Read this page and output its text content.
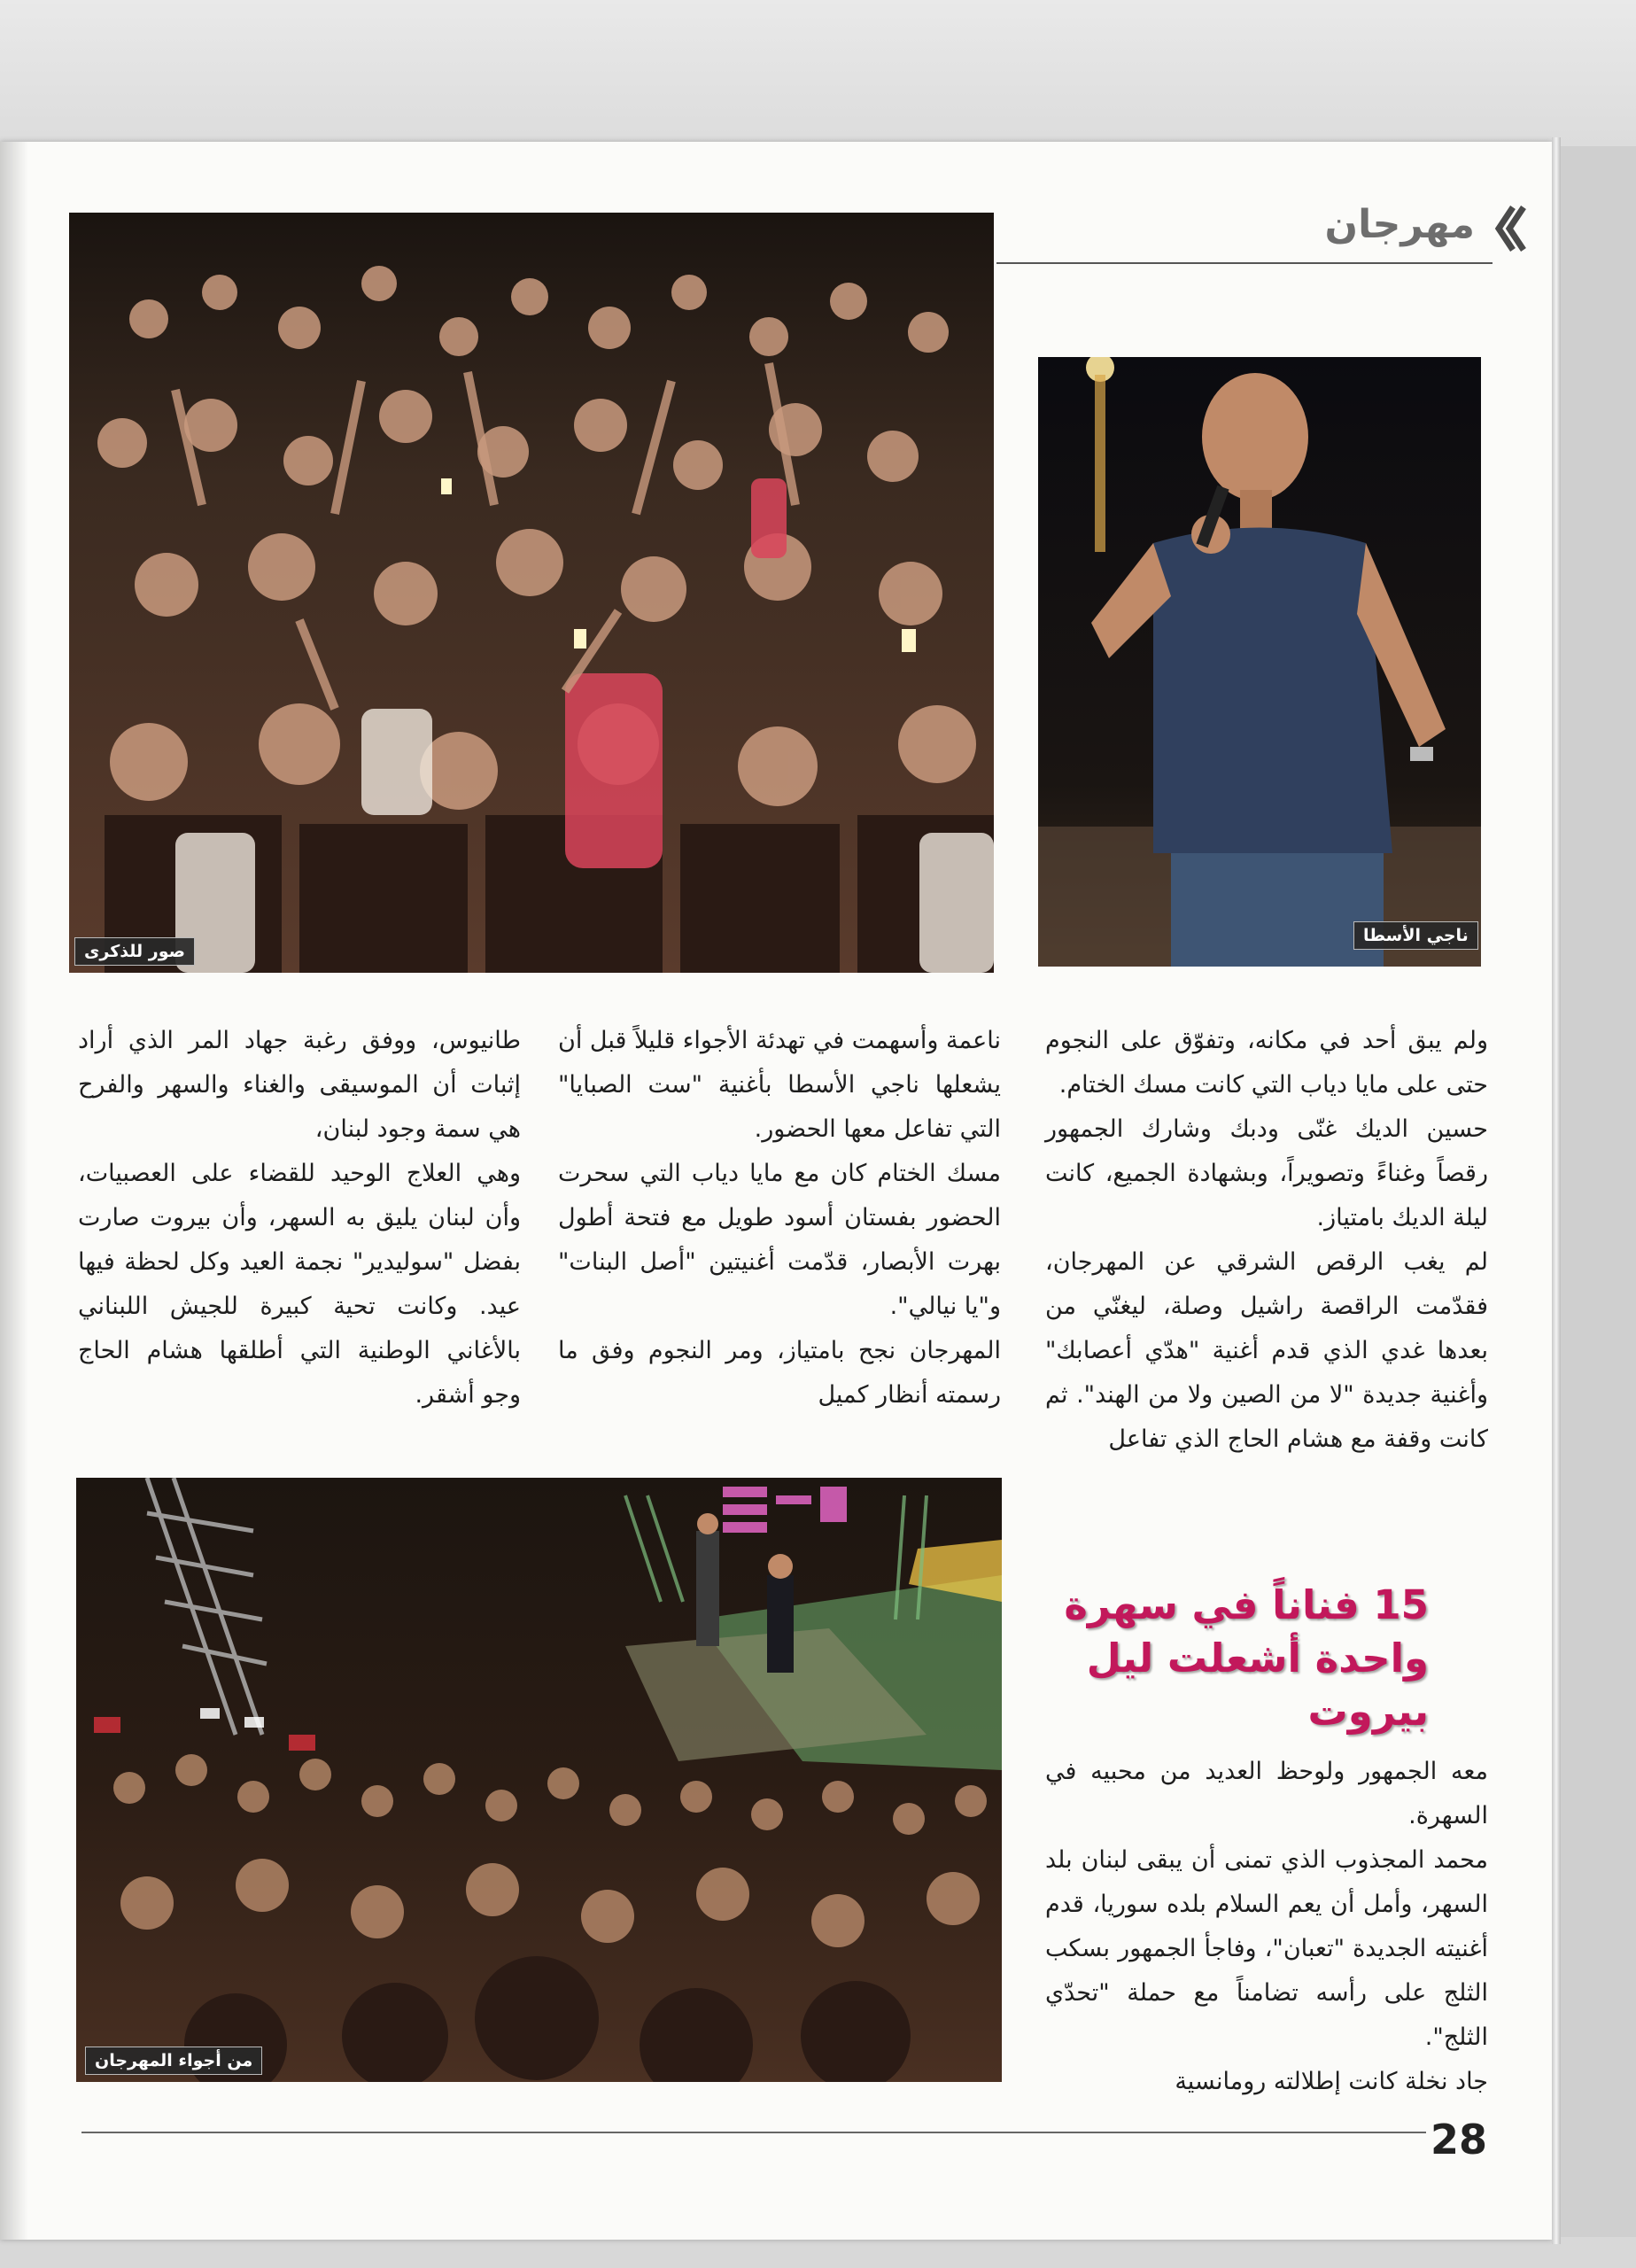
مهرجان
صور للذكرى
ناجي الأسطا
من أجواء المهرجان

ولم يبق أحد في مكانه، وتفوّق على النجوم حتى على مايا دياب التي كانت مسك الختام.

حسين الديك غنّى ودبك وشارك الجمهور رقصاً وغناءً وتصويراً، وبشهادة الجميع، كانت ليلة الديك بامتياز.

لم يغب الرقص الشرقي عن المهرجان، فقدّمت الراقصة راشيل وصلة، ليغنّي من بعدها غدي الذي قدم أغنية "هدّي أعصابك" وأغنية جديدة "لا من الصين ولا من الهند". ثم كانت وقفة مع هشام الحاج الذي تفاعل

15 فناناً في سهرة واحدة أشعلت ليل بيروت

معه الجمهور ولوحظ العديد من محبيه في السهرة.

محمد المجذوب الذي تمنى أن يبقى لبنان بلد السهر، وأمل أن يعم السلام بلده سوريا، قدم أغنيته الجديدة "تعبان"، وفاجأ الجمهور بسكب الثلج على رأسه تضامناً مع حملة "تحدّي الثلج".

جاد نخلة كانت إطلالته رومانسية

ناعمة وأسهمت في تهدئة الأجواء قليلاً قبل أن يشعلها ناجي الأسطا بأغنية "ست الصبايا" التي تفاعل معها الحضور.

مسك الختام كان مع مايا دياب التي سحرت الحضور بفستان أسود طويل مع فتحة أطول بهرت الأبصار، قدّمت أغنيتين "أصل البنات" و"يا نيالي".

المهرجان نجح بامتياز، ومر النجوم وفق ما رسمته أنظار كميل

طانيوس، ووفق رغبة جهاد المر الذي أراد إثبات أن الموسيقى والغناء والسهر والفرح هي سمة وجود لبنان،

وهي العلاج الوحيد للقضاء على العصبيات، وأن لبنان يليق به السهر، وأن بيروت صارت بفضل "سوليدير" نجمة العيد وكل لحظة فيها عيد. وكانت تحية كبيرة للجيش اللبناني بالأغاني الوطنية التي أطلقها هشام الحاج وجو أشقر.

28
